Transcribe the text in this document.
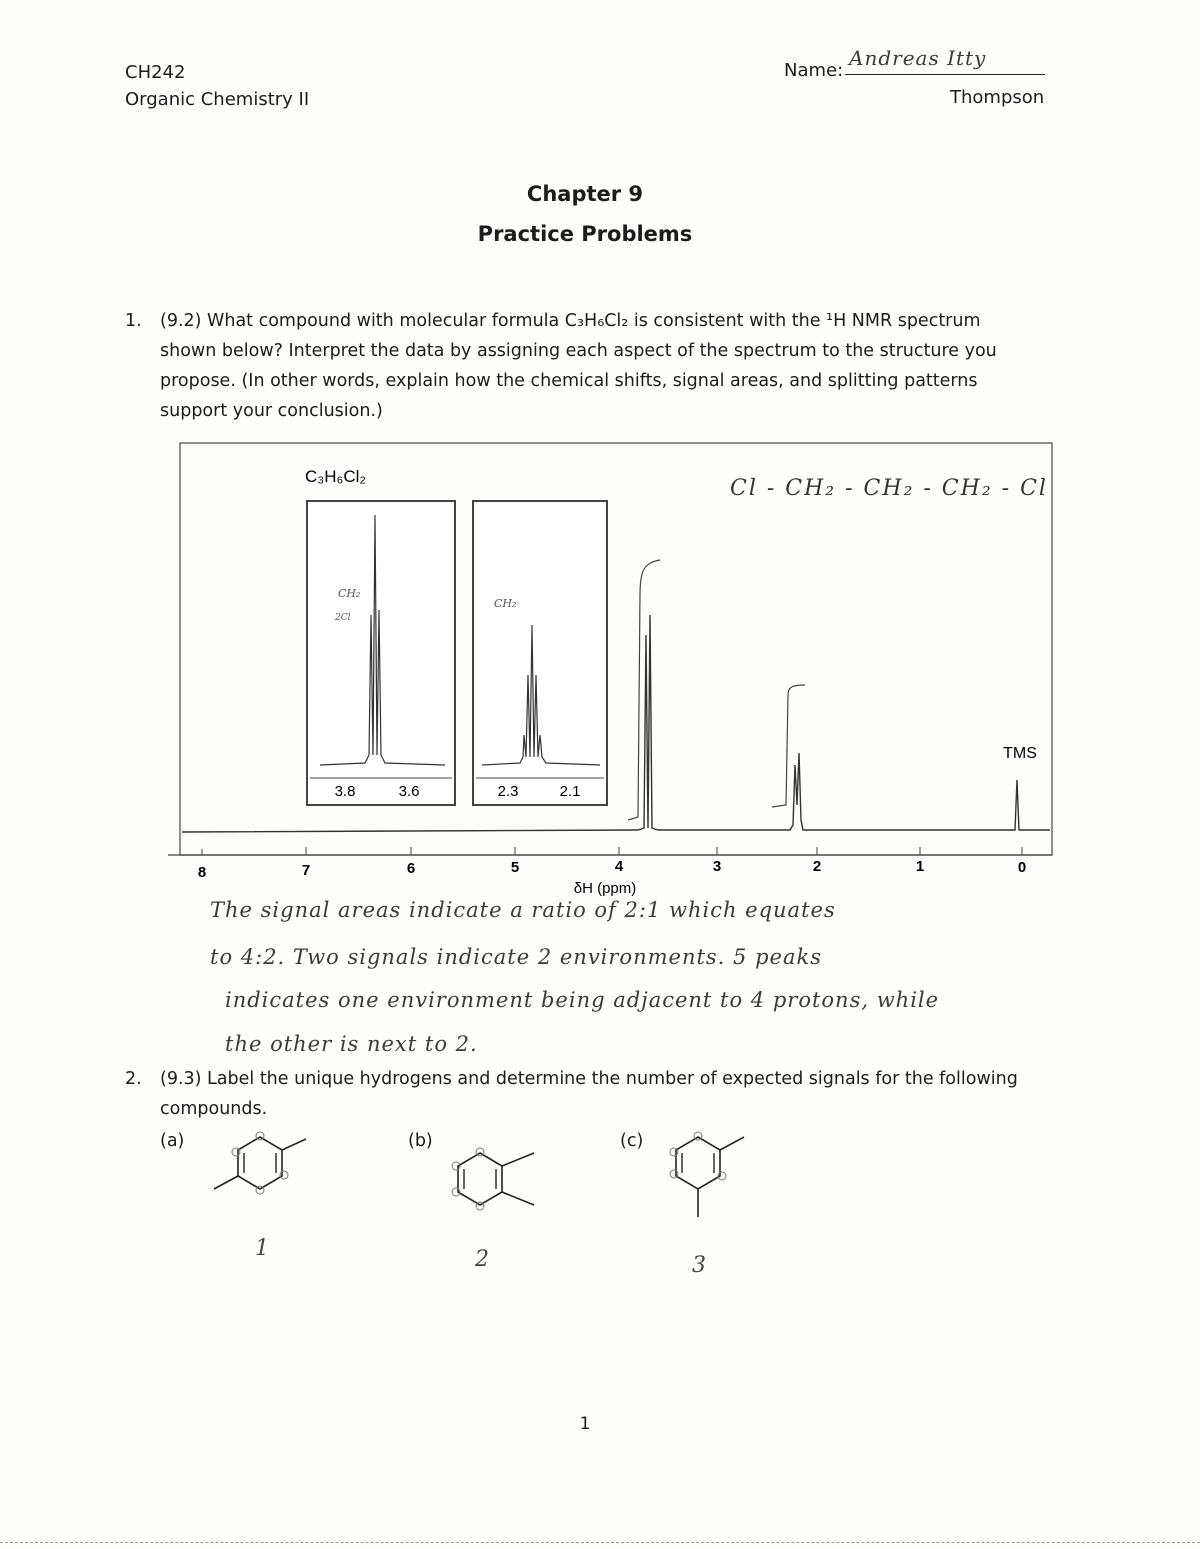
CH242
Organic Chemistry II
Name:
Andreas Itty
Thompson
Chapter 9
Practice Problems
1. (9.2) What compound with molecular formula C₃H₆Cl₂ is consistent with the ¹H NMR spectrum
shown below? Interpret the data by assigning each aspect of the spectrum to the structure you
propose. (In other words, explain how the chemical shifts, signal areas, and splitting patterns
support your conclusion.)
C₃H₆Cl₂	Cl - CH₂ - CH₂ - CH₂ - Cl
CH₂
2Cl
3.8	3.6
CH₂
2.3	2.1
TMS
8	7	6	5	4	3	2	1	0
δH (ppm)
The signal areas indicate a ratio of 2:1 which equates
to 4:2. Two signals indicate 2 environments. 5 peaks
indicates one environment being adjacent to 4 protons, while
the other is next to 2.
2. (9.3) Label the unique hydrogens and determine the number of expected signals for the following
compounds.
(a)	(b)	(c)
1	2	3
1
